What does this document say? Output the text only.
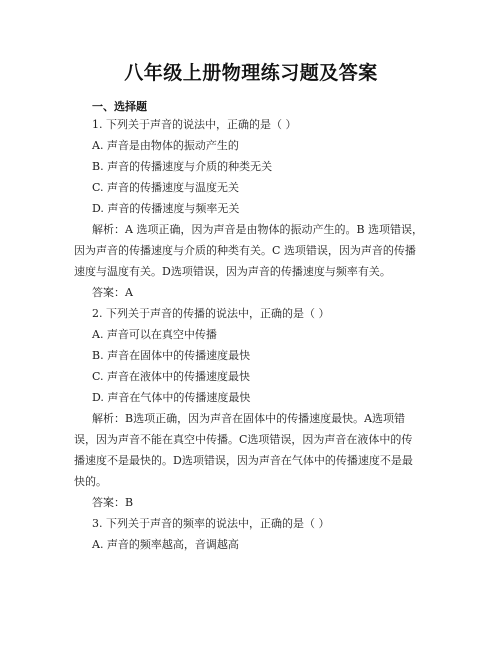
八年级上册物理练习题及答案
一、选择题
1. 下列关于声音的说法中，正确的是（ ）
A. 声音是由物体的振动产生的
B. 声音的传播速度与介质的种类无关
C. 声音的传播速度与温度无关
D. 声音的传播速度与频率无关
解析：A 选项正确，因为声音是由物体的振动产生的。B 选项错误，
因为声音的传播速度与介质的种类有关。C 选项错误，因为声音的传播
速度与温度有关。D选项错误，因为声音的传播速度与频率有关。
答案：A
2. 下列关于声音的传播的说法中，正确的是（ ）
A. 声音可以在真空中传播
B. 声音在固体中的传播速度最快
C. 声音在液体中的传播速度最快
D. 声音在气体中的传播速度最快
解析：B选项正确，因为声音在固体中的传播速度最快。A选项错
误，因为声音不能在真空中传播。C选项错误，因为声音在液体中的传
播速度不是最快的。D选项错误，因为声音在气体中的传播速度不是最
快的。
答案：B
3. 下列关于声音的频率的说法中，正确的是（ ）
A. 声音的频率越高，音调越高
